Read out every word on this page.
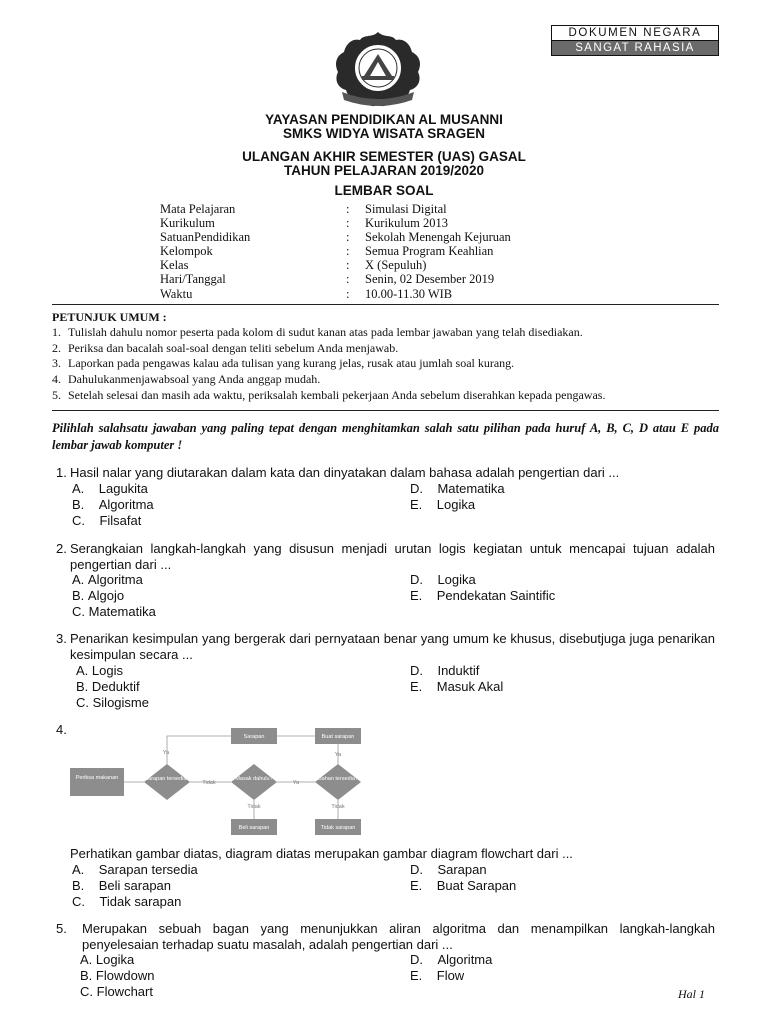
DOKUMEN NEGARA
SANGAT RAHASIA
YAYASAN PENDIDIKAN AL MUSANNI
SMKS WIDYA WISATA SRAGEN
ULANGAN AKHIR SEMESTER (UAS) GASAL
TAHUN PELAJARAN 2019/2020
LEMBAR SOAL
Mata Pelajaran	: Simulasi Digital
Kurikulum	: Kurikulum 2013
SatuanPendidikan	: Sekolah Menengah Kejuruan
Kelompok	: Semua Program Keahlian
Kelas	: X (Sepuluh)
Hari/Tanggal	: Senin, 02 Desember 2019
Waktu	: 10.00-11.30 WIB
PETUNJUK UMUM :
1. Tulislah dahulu nomor peserta pada kolom di sudut kanan atas pada lembar jawaban yang telah disediakan.
2. Periksa dan bacalah soal-soal dengan teliti sebelum Anda menjawab.
3. Laporkan pada pengawas kalau ada tulisan yang kurang jelas, rusak atau jumlah soal kurang.
4. Dahulukanmenjawabsoal yang Anda anggap mudah.
5. Setelah selesai dan masih ada waktu, periksalah kembali pekerjaan Anda sebelum diserahkan kepada pengawas.
Pilihlah salahsatu jawaban yang paling tepat dengan menghitamkan salah satu pilihan pada huruf A, B, C, D atau E pada lembar jawab komputer !
1. Hasil nalar yang diutarakan dalam kata dan dinyatakan dalam bahasa adalah pengertian dari ...
A. Lagukita
B. Algoritma
C. Filsafat
D. Matematika
E. Logika
2. Serangkaian langkah-langkah yang disusun menjadi urutan logis kegiatan untuk mencapai tujuan adalah pengertian dari ...
A. Algoritma
B. Algojo
C. Matematika
D. Logika
E. Pendekatan Saintific
3. Penarikan kesimpulan yang bergerak dari pernyataan benar yang umum ke khusus, disebutjuga juga penarikan kesimpulan secara ...
A. Logis
B. Deduktif
C. Silogisme
D. Induktif
E. Masuk Akal
4.
Periksa makanan	Sarapan tersedia?	Masak dahulu?	Bahan tersedia?
Sarapan	Buat sarapan
Beli sarapan	Tidak sarapan
Ya
Tidak	Ya
Ya
Tidak	Tidak
Perhatikan gambar diatas, diagram diatas merupakan gambar diagram flowchart dari ...
A. Sarapan tersedia
B. Beli sarapan
C. Tidak sarapan
D. Sarapan
E. Buat Sarapan
5. Merupakan sebuah bagan yang menunjukkan aliran algoritma dan menampilkan langkah-langkah penyelesaian terhadap suatu masalah, adalah pengertian dari ...
A. Logika
B. Flowdown
C. Flowchart
D. Algoritma
E. Flow
Hal 1
